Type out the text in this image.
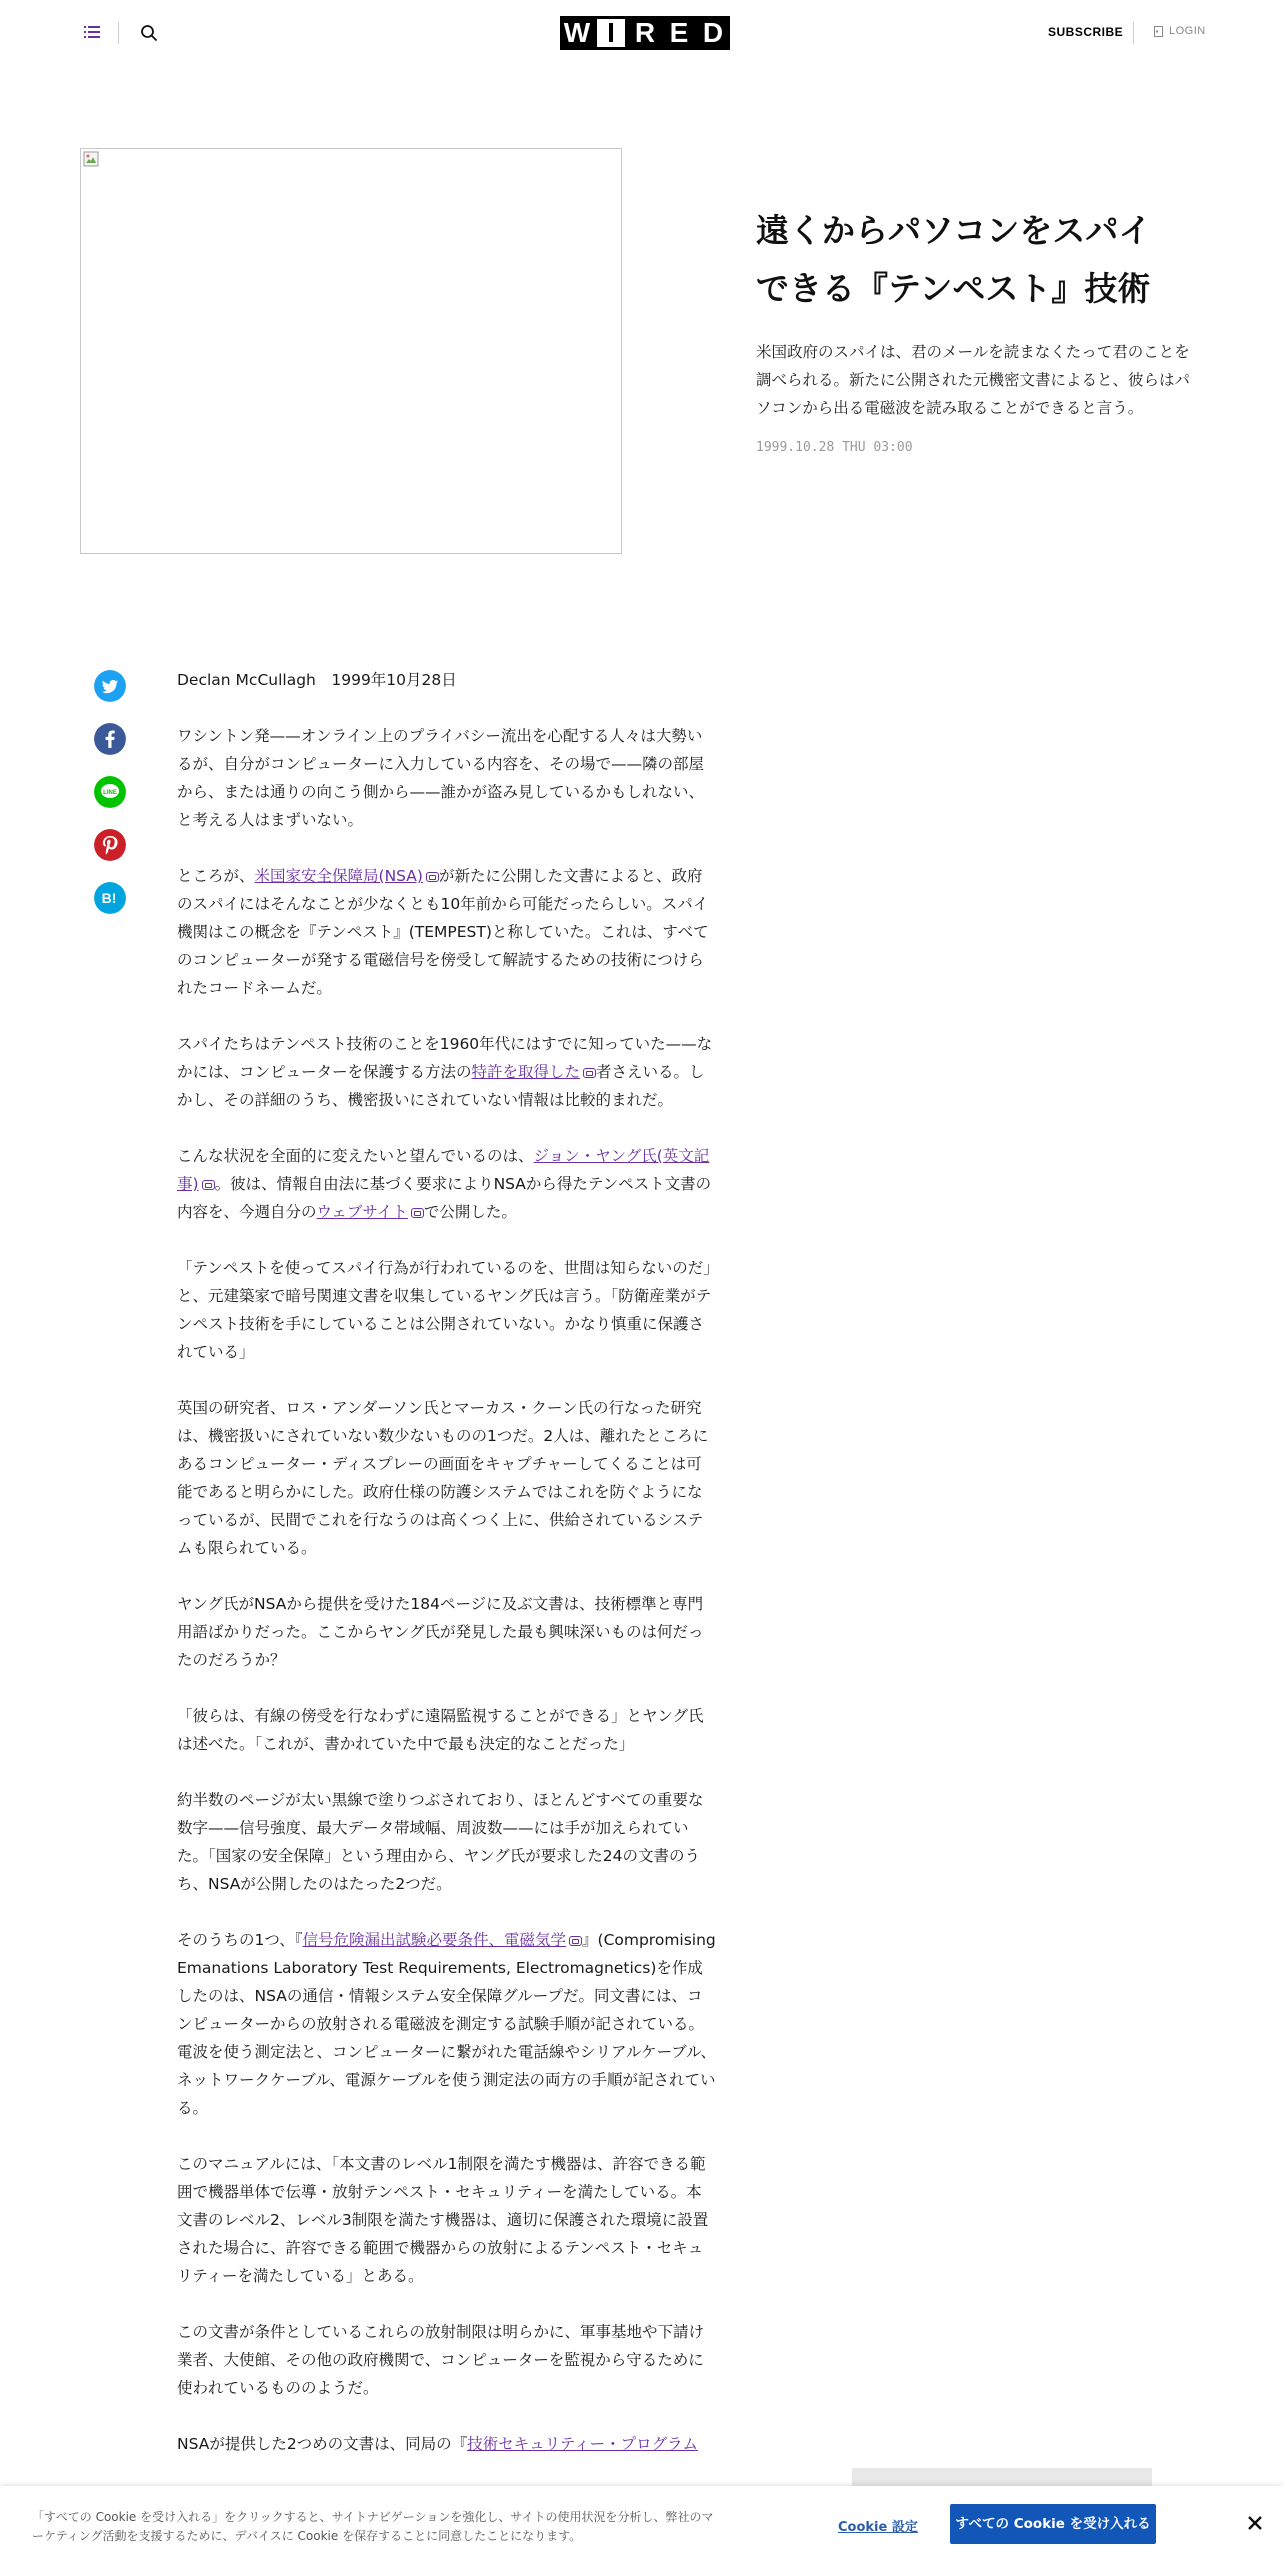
W I R E D	SUBSCRIBE	LOGIN
遠くからパソコンをスパイ
できる『テンペスト』技術

米国政府のスパイは、君のメールを読まなくたって君のことを調べられる。新たに公開された元機密文書によると、彼らはパソコンから出る電磁波を読み取ることができると言う。

1999.10.28 THU 03:00
LINE
B!
Declan McCullagh　1999年10月28日

ワシントン発——オンライン上のプライバシー流出を心配する人々は大勢いるが、自分がコンピューターに入力している内容を、その場で——隣の部屋から、または通りの向こう側から——誰かが盗み見しているかもしれない、と考える人はまずいない。

ところが、米国家安全保障局(NSA) が新たに公開した文書によると、政府のスパイにはそんなことが少なくとも10年前から可能だったらしい。スパイ機関はこの概念を『テンペスト』(TEMPEST)と称していた。これは、すべてのコンピューターが発する電磁信号を傍受して解読するための技術につけられたコードネームだ。

スパイたちはテンペスト技術のことを1960年代にはすでに知っていた——なかには、コンピューターを保護する方法の特許を取得した 者さえいる。しかし、その詳細のうち、機密扱いにされていない情報は比較的まれだ。

こんな状況を全面的に変えたいと望んでいるのは、ジョン・ヤング氏(英文記事) 。彼は、情報自由法に基づく要求によりNSAから得たテンペスト文書の内容を、今週自分のウェブサイト で公開した。

「テンペストを使ってスパイ行為が行われているのを、世間は知らないのだ」と、元建築家で暗号関連文書を収集しているヤング氏は言う。「防衛産業がテンペスト技術を手にしていることは公開されていない。かなり慎重に保護されている」

英国の研究者、ロス・アンダーソン氏とマーカス・クーン氏の行なった研究は、機密扱いにされていない数少ないものの1つだ。2人は、離れたところにあるコンピューター・ディスプレーの画面をキャプチャーしてくることは可能であると明らかにした。政府仕様の防護システムではこれを防ぐようになっているが、民間でこれを行なうのは高くつく上に、供給されているシステムも限られている。

ヤング氏がNSAから提供を受けた184ページに及ぶ文書は、技術標準と専門用語ばかりだった。ここからヤング氏が発見した最も興味深いものは何だったのだろうか？

「彼らは、有線の傍受を行なわずに遠隔監視することができる」とヤング氏は述べた。「これが、書かれていた中で最も決定的なことだった」

約半数のページが太い黒線で塗りつぶされており、ほとんどすべての重要な数字——信号強度、最大データ帯域幅、周波数——には手が加えられていた。「国家の安全保障」という理由から、ヤング氏が要求した24の文書のうち、NSAが公開したのはたった2つだ。

そのうちの1つ、『信号危険漏出試験必要条件、電磁気学 』(Compromising Emanations Laboratory Test Requirements, Electromagnetics)を作成したのは、NSAの通信・情報システム安全保障グループだ。同文書には、コンピューターからの放射される電磁波を測定する試験手順が記されている。電波を使う測定法と、コンピューターに繋がれた電話線やシリアルケーブル、ネットワークケーブル、電源ケーブルを使う測定法の両方の手順が記されている。

このマニュアルには、「本文書のレベル1制限を満たす機器は、許容できる範囲で機器単体で伝導・放射テンペスト・セキュリティーを満たしている。本文書のレベル2、レベル3制限を満たす機器は、適切に保護された環境に設置された場合に、許容できる範囲で機器からの放射によるテンペスト・セキュリティーを満たしている」とある。

この文書が条件としているこれらの放射制限は明らかに、軍事基地や下請け業者、大使館、その他の政府機関で、コンピューターを監視から守るために使われているもののようだ。

NSAが提供した2つめの文書は、同局の『技術セキュリティー・プログラム

「すべての Cookie を受け入れる」をクリックすると、サイトナビゲーションを強化し、サイトの使用状況を分析し、弊社のマーケティング活動を支援するために、デバイスに Cookie を保存することに同意したことになります。
Cookie 設定	すべての Cookie を受け入れる
